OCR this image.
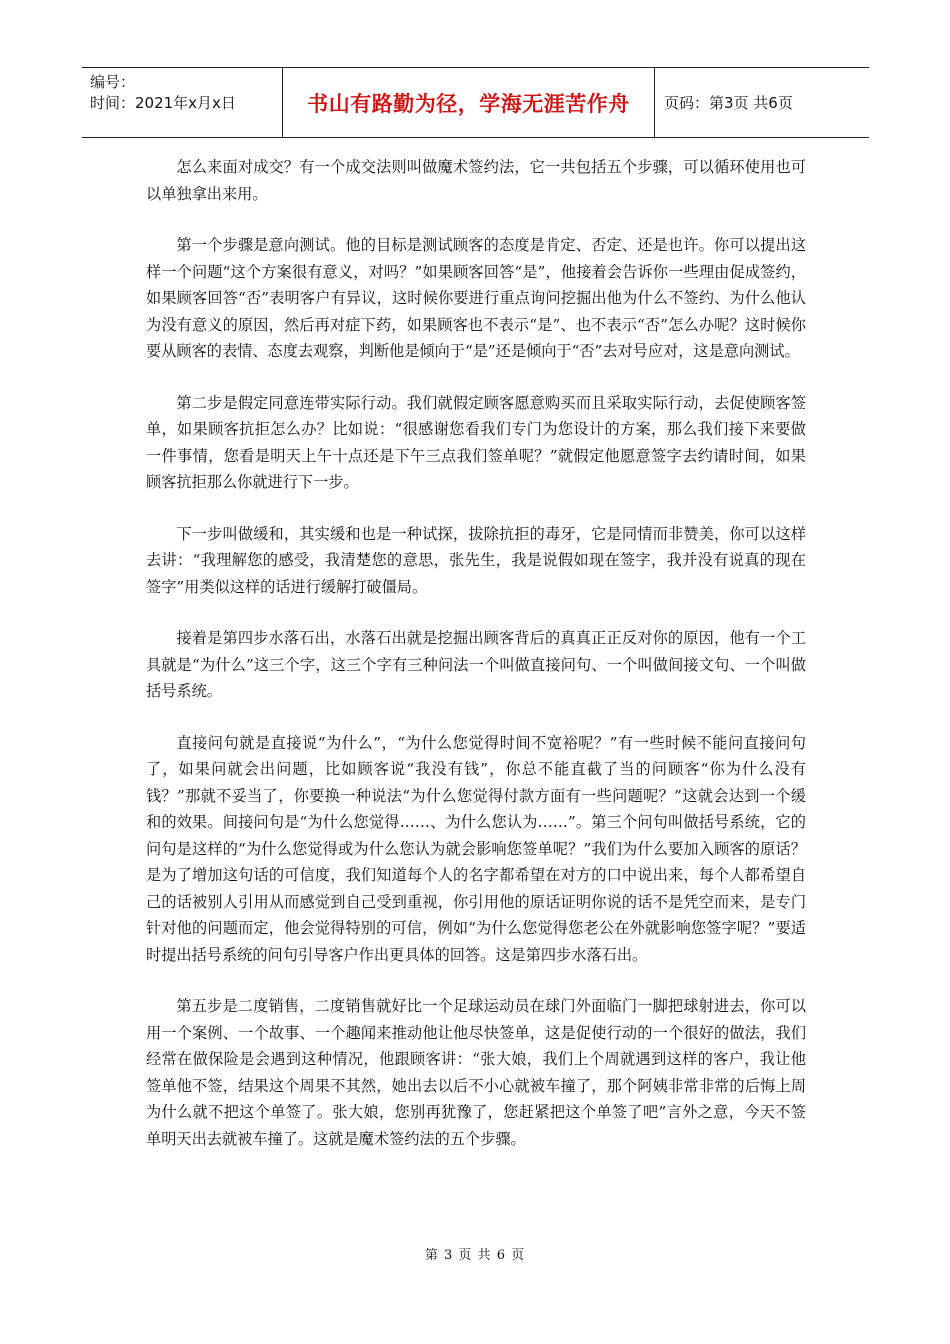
编号：
时间：2021年x月x日	书山有路勤为径，学海无涯苦作舟	页码：第3页 共6页

怎么来面对成交？有一个成交法则叫做魔术签约法，它一共包括五个步骤，可以循环使用也可以单独拿出来用。

第一个步骤是意向测试。他的目标是测试顾客的态度是肯定、否定、还是也许。你可以提出这样一个问题“这个方案很有意义，对吗？”如果顾客回答“是”，他接着会告诉你一些理由促成签约，如果顾客回答“否”表明客户有异议，这时候你要进行重点询问挖掘出他为什么不签约、为什么他认为没有意义的原因，然后再对症下药，如果顾客也不表示“是”、也不表示“否”怎么办呢？这时候你要从顾客的表情、态度去观察，判断他是倾向于“是”还是倾向于“否”去对号应对，这是意向测试。

第二步是假定同意连带实际行动。我们就假定顾客愿意购买而且采取实际行动，去促使顾客签单，如果顾客抗拒怎么办？比如说：“很感谢您看我们专门为您设计的方案，那么我们接下来要做一件事情，您看是明天上午十点还是下午三点我们签单呢？”就假定他愿意签字去约请时间，如果顾客抗拒那么你就进行下一步。

下一步叫做缓和，其实缓和也是一种试探，拔除抗拒的毒牙，它是同情而非赞美，你可以这样去讲：“我理解您的感受，我清楚您的意思，张先生，我是说假如现在签字，我并没有说真的现在签字”用类似这样的话进行缓解打破僵局。

接着是第四步水落石出，水落石出就是挖掘出顾客背后的真真正正反对你的原因，他有一个工具就是“为什么”这三个字，这三个字有三种问法一个叫做直接问句、一个叫做间接文句、一个叫做括号系统。

直接问句就是直接说“为什么”，“为什么您觉得时间不宽裕呢？”有一些时候不能问直接问句了，如果问就会出问题，比如顾客说“我没有钱”，你总不能直截了当的问顾客“你为什么没有钱？”那就不妥当了，你要换一种说法“为什么您觉得付款方面有一些问题呢？”这就会达到一个缓和的效果。间接问句是“为什么您觉得……、为什么您认为……”。第三个问句叫做括号系统，它的问句是这样的“为什么您觉得或为什么您认为就会影响您签单呢？”我们为什么要加入顾客的原话？是为了增加这句话的可信度，我们知道每个人的名字都希望在对方的口中说出来，每个人都希望自己的话被别人引用从而感觉到自己受到重视，你引用他的原话证明你说的话不是凭空而来，是专门针对他的问题而定，他会觉得特别的可信，例如“为什么您觉得您老公在外就影响您签字呢？”要适时提出括号系统的问句引导客户作出更具体的回答。这是第四步水落石出。

第五步是二度销售，二度销售就好比一个足球运动员在球门外面临门一脚把球射进去，你可以用一个案例、一个故事、一个趣闻来推动他让他尽快签单，这是促使行动的一个很好的做法，我们经常在做保险是会遇到这种情况，他跟顾客讲：“张大娘，我们上个周就遇到这样的客户，我让他签单他不签，结果这个周果不其然，她出去以后不小心就被车撞了，那个阿姨非常非常的后悔上周为什么就不把这个单签了。张大娘，您别再犹豫了，您赶紧把这个单签了吧”言外之意，今天不签单明天出去就被车撞了。这就是魔术签约法的五个步骤。

第 3 页 共 6 页
